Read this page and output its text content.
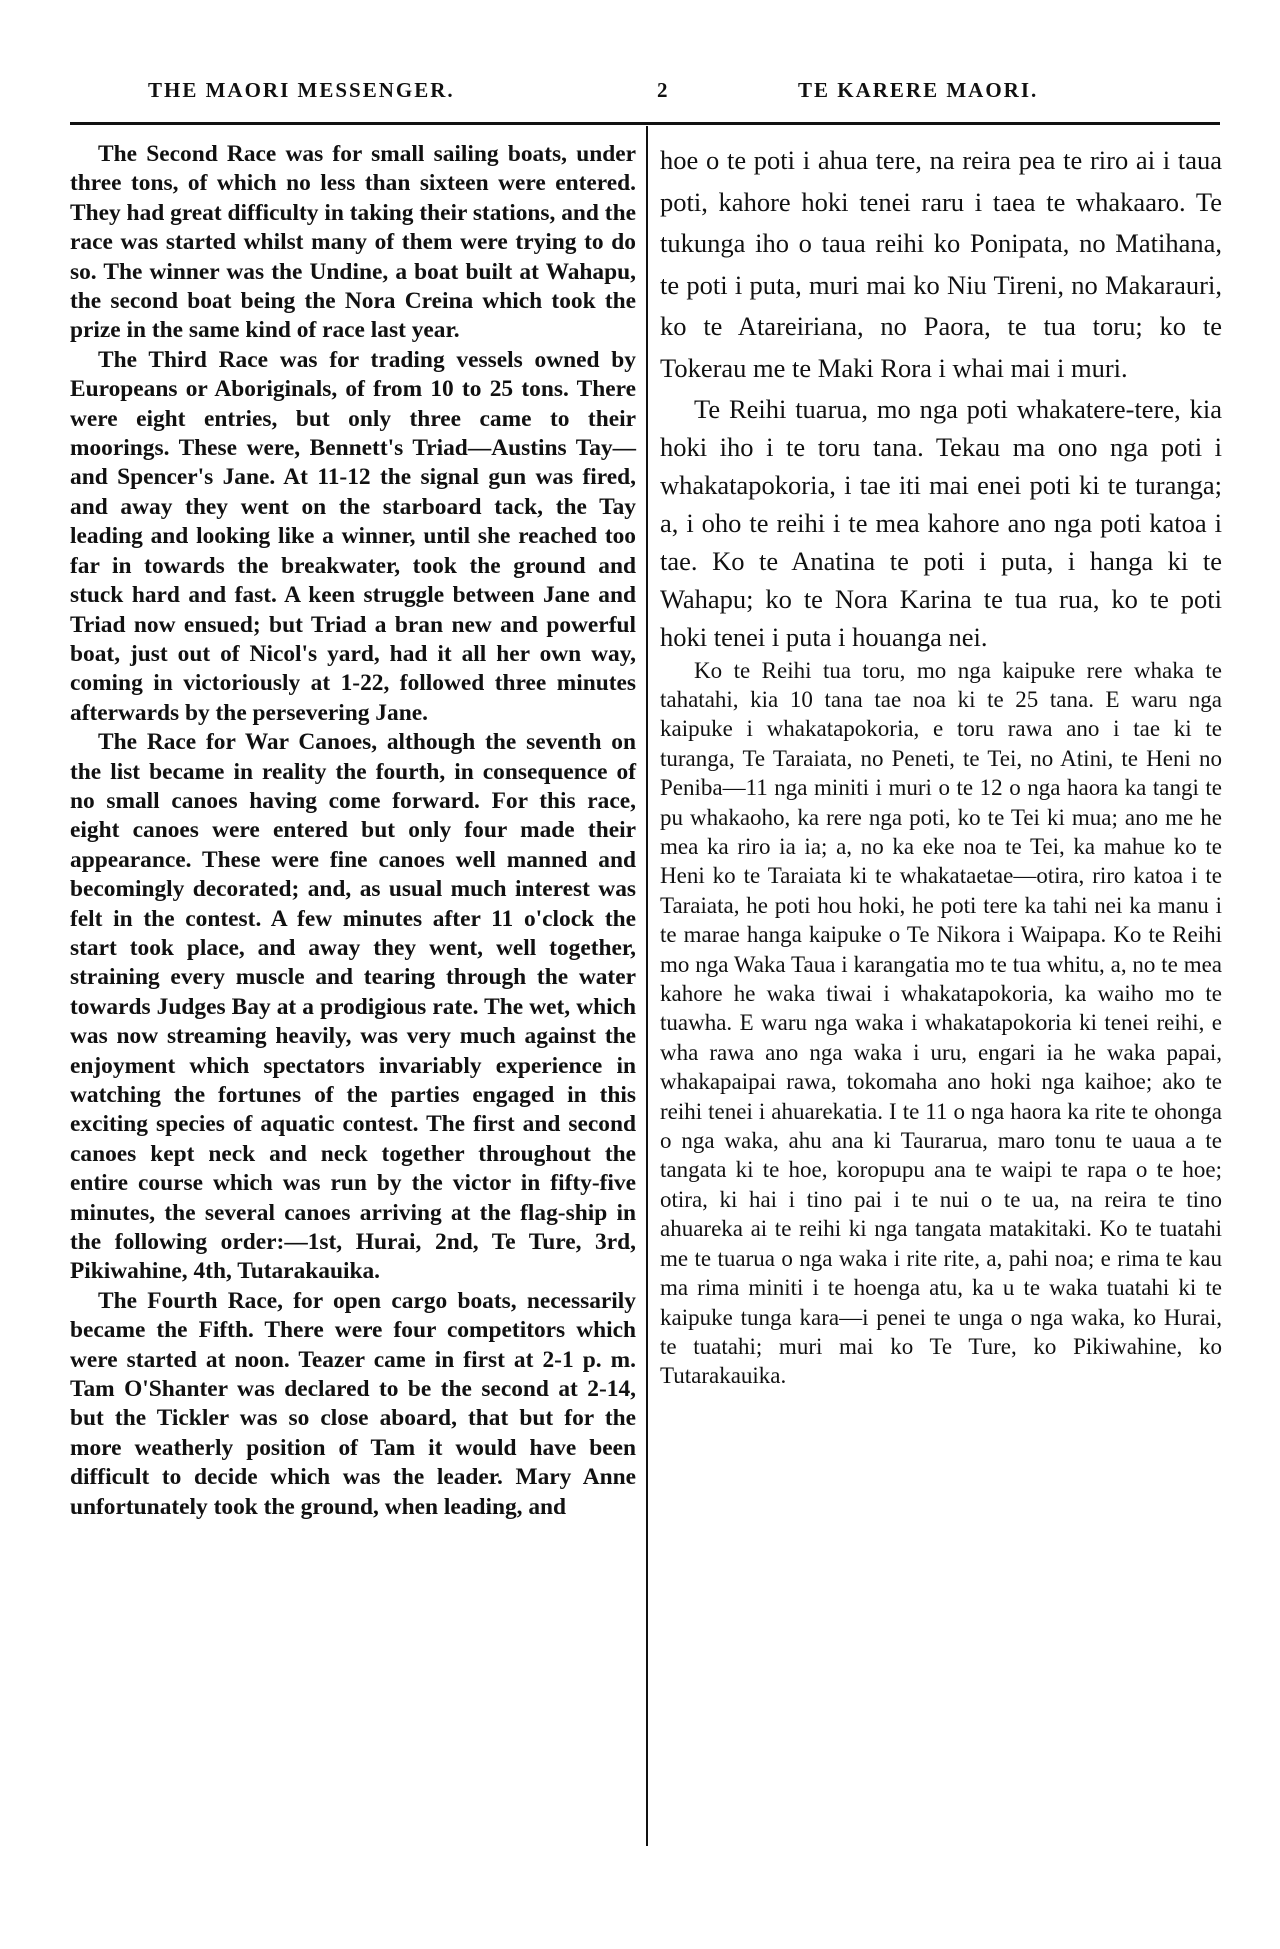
THE MAORI MESSENGER.	2	TE KARERE MAORI.

The Second Race was for small sailing boats, under three tons, of which no less than sixteen were entered. They had great difficulty in taking their stations, and the race was started whilst many of them were trying to do so. The winner was the Undine, a boat built at Wahapu, the second boat being the Nora Creina which took the prize in the same kind of race last year.

The Third Race was for trading vessels owned by Europeans or Aboriginals, of from 10 to 25 tons. There were eight entries, but only three came to their moorings. These were, Bennett's Triad—Austins Tay—and Spencer's Jane. At 11-12 the signal gun was fired, and away they went on the starboard tack, the Tay leading and looking like a winner, until she reached too far in towards the breakwater, took the ground and stuck hard and fast. A keen struggle between Jane and Triad now ensued; but Triad a bran new and powerful boat, just out of Nicol's yard, had it all her own way, coming in victoriously at 1-22, followed three minutes afterwards by the persevering Jane.

The Race for War Canoes, although the seventh on the list became in reality the fourth, in consequence of no small canoes having come forward. For this race, eight canoes were entered but only four made their appearance. These were fine canoes well manned and becomingly decorated; and, as usual much interest was felt in the contest. A few minutes after 11 o'clock the start took place, and away they went, well together, straining every muscle and tearing through the water towards Judges Bay at a prodigious rate. The wet, which was now streaming heavily, was very much against the enjoyment which spectators invariably experience in watching the fortunes of the parties engaged in this exciting species of aquatic contest. The first and second canoes kept neck and neck together throughout the entire course which was run by the victor in fifty-five minutes, the several canoes arriving at the flag-ship in the following order:—1st, Hurai, 2nd, Te Ture, 3rd, Pikiwahine, 4th, Tutarakauika.

The Fourth Race, for open cargo boats, necessarily became the Fifth. There were four competitors which were started at noon. Teazer came in first at 2-1 p. m. Tam O'Shanter was declared to be the second at 2-14, but the Tickler was so close aboard, that but for the more weatherly position of Tam it would have been difficult to decide which was the leader. Mary Anne unfortunately took the ground, when leading, and

hoe o te poti i ahua tere, na reira pea te riro ai i taua poti, kahore hoki tenei raru i taea te whakaaro. Te tukunga iho o taua reihi ko Ponipata, no Matihana, te poti i puta, muri mai ko Niu Tireni, no Makarauri, ko te Atareiriana, no Paora, te tua toru; ko te Tokerau me te Maki Rora i whai mai i muri.

Te Reihi tuarua, mo nga poti whakatere-tere, kia hoki iho i te toru tana. Tekau ma ono nga poti i whakatapokoria, i tae iti mai enei poti ki te turanga; a, i oho te reihi i te mea kahore ano nga poti katoa i tae. Ko te Anatina te poti i puta, i hanga ki te Wahapu; ko te Nora Karina te tua rua, ko te poti hoki tenei i puta i houanga nei.

Ko te Reihi tua toru, mo nga kaipuke rere whaka te tahatahi, kia 10 tana tae noa ki te 25 tana. E waru nga kaipuke i whakatapokoria, e toru rawa ano i tae ki te turanga, Te Taraiata, no Peneti, te Tei, no Atini, te Heni no Peniba—11 nga miniti i muri o te 12 o nga haora ka tangi te pu whakaoho, ka rere nga poti, ko te Tei ki mua; ano me he mea ka riro ia ia; a, no ka eke noa te Tei, ka mahue ko te Heni ko te Taraiata ki te whakataetae—otira, riro katoa i te Taraiata, he poti hou hoki, he poti tere ka tahi nei ka manu i te marae hanga kaipuke o Te Nikora i Waipapa. Ko te Reihi mo nga Waka Taua i karangatia mo te tua whitu, a, no te mea kahore he waka tiwai i whakatapokoria, ka waiho mo te tuawha. E waru nga waka i whakatapokoria ki tenei reihi, e wha rawa ano nga waka i uru, engari ia he waka papai, whakapaipai rawa, tokomaha ano hoki nga kaihoe; ako te reihi tenei i ahuarekatia. I te 11 o nga haora ka rite te ohonga o nga waka, ahu ana ki Taurarua, maro tonu te uaua a te tangata ki te hoe, koropupu ana te waipi te rapa o te hoe; otira, ki hai i tino pai i te nui o te ua, na reira te tino ahuareka ai te reihi ki nga tangata matakitaki. Ko te tuatahi me te tuarua o nga waka i rite rite, a, pahi noa; e rima te kau ma rima miniti i te hoenga atu, ka u te waka tuatahi ki te kaipuke tunga kara—i penei te unga o nga waka, ko Hurai, te tuatahi; muri mai ko Te Ture, ko Pikiwahine, ko Tutarakauika.
